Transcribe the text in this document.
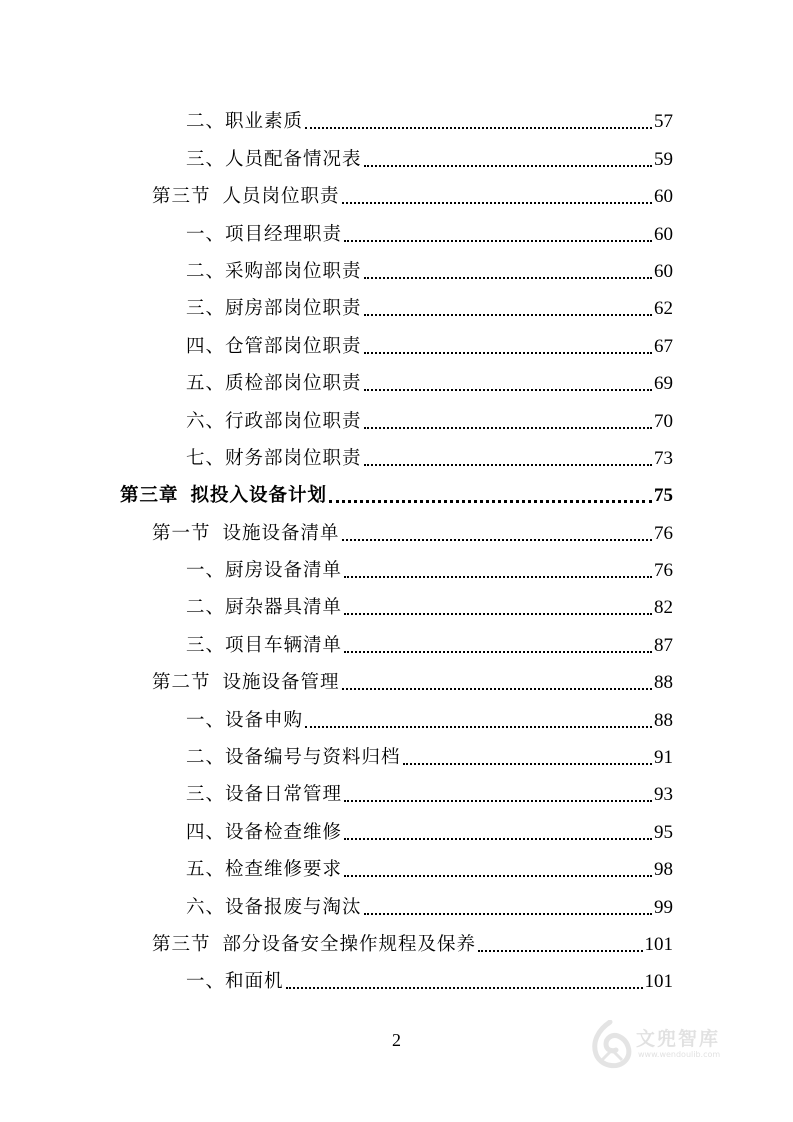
二、职业素质	57
三、人员配备情况表	59
第三节 人员岗位职责	60
一、项目经理职责	60
二、采购部岗位职责	60
三、厨房部岗位职责	62
四、仓管部岗位职责	67
五、质检部岗位职责	69
六、行政部岗位职责	70
七、财务部岗位职责	73
第三章 拟投入设备计划	75
第一节 设施设备清单	76
一、厨房设备清单	76
二、厨杂器具清单	82
三、项目车辆清单	87
第二节 设施设备管理	88
一、设备申购	88
二、设备编号与资料归档	91
三、设备日常管理	93
四、设备检查维修	95
五、检查维修要求	98
六、设备报废与淘汰	99
第三节 部分设备安全操作规程及保养	101
一、和面机	101
2	文兜智库
www.wendoulib.com
